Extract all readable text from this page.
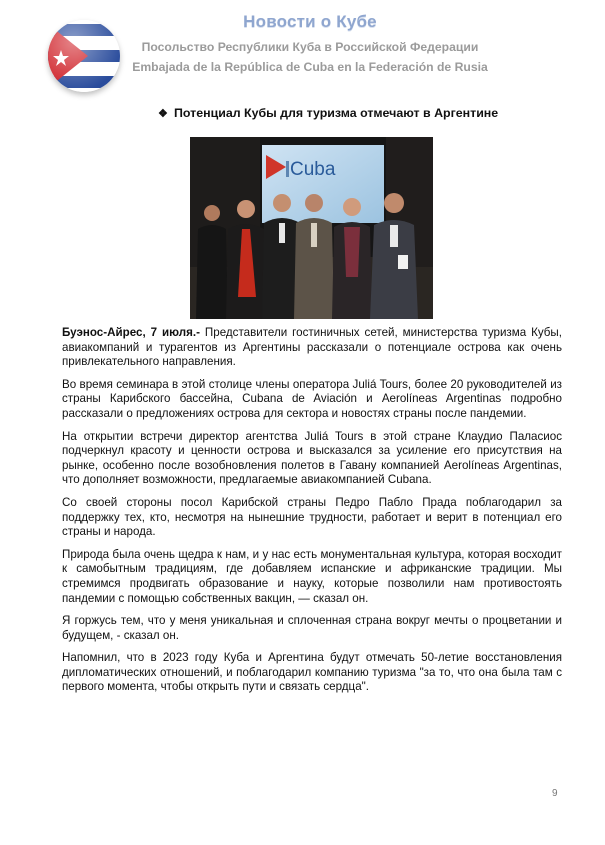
Новости о Кубе
Посольство Республики Куба в Российской Федерации
Embajada de la República de Cuba en la Federación de Rusia
❖ Потенциал Кубы для туризма отмечают в Аргентине
Cuba

Буэнос-Айрес, 7 июля.- Представители гостиничных сетей, министерства туризма Кубы, авиакомпаний и турагентов из Аргентины рассказали о потенциале острова как очень привлекательного направления.

Во время семинара в этой столице члены оператора Juliá Tours, более 20 руководителей из страны Карибского бассейна, Cubana de Aviación и Aerolíneas Argentinas подробно рассказали о предложениях острова для сектора и новостях страны после пандемии.

На открытии встречи директор агентства Juliá Tours в этой стране Клаудио Паласиос подчеркнул красоту и ценности острова и высказался за усиление его присутствия на рынке, особенно после возобновления полетов в Гавану компанией Aerolíneas Argentinas, что дополняет возможности, предлагаемые авиакомпанией Cubana.

Со своей стороны посол Карибской страны Педро Пабло Прада поблагодарил за поддержку тех, кто, несмотря на нынешние трудности, работает и верит в потенциал его страны и народа.

Природа была очень щедра к нам, и у нас есть монументальная культура, которая восходит к самобытным традициям, где добавляем испанские и африканские традиции. Мы стремимся продвигать образование и науку, которые позволили нам противостоять пандемии с помощью собственных вакцин, — сказал он.

Я горжусь тем, что у меня уникальная и сплоченная страна вокруг мечты о процветании и будущем, - сказал он.

Напомнил, что в 2023 году Куба и Аргентина будут отмечать 50-летие восстановления дипломатических отношений, и поблагодарил компанию туризма "за то, что она была там с первого момента, чтобы открыть пути и связать сердца".

9
